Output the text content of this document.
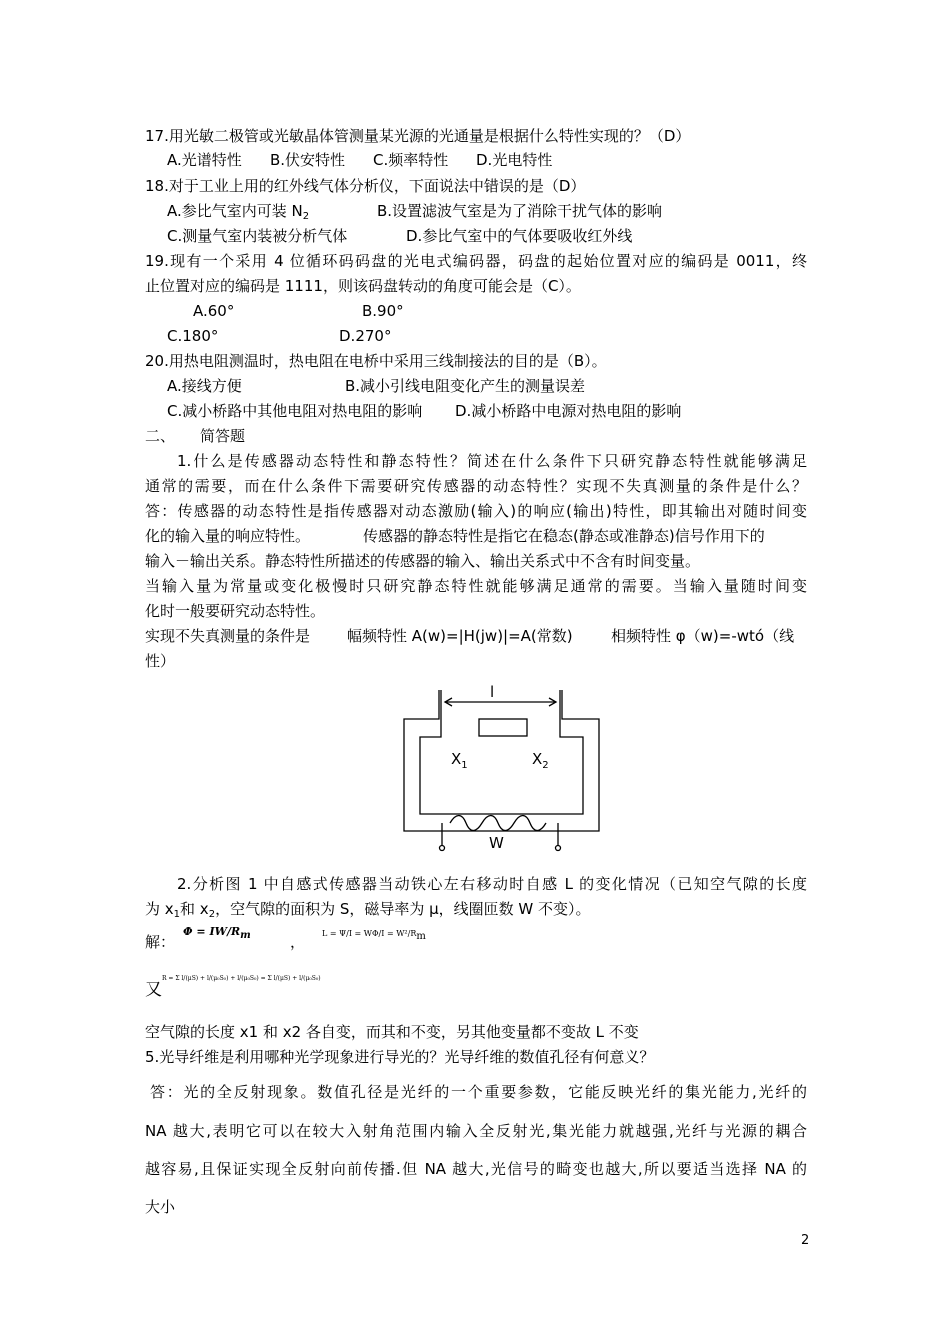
17.用光敏二极管或光敏晶体管测量某光源的光通量是根据什么特性实现的？（D）
A.光谱特性 B.伏安特性 C.频率特性 D.光电特性
18.对于工业上用的红外线气体分析仪，下面说法中错误的是（D）
A.参比气室内可装 $N_2$	B.设置滤波气室是为了消除干扰气体的影响
C.测量气室内装被分析气体	D.参比气室中的气体要吸收红外线
19.现有一个采用 4 位循环码码盘的光电式编码器，码盘的起始位置对应的编码是 0011，终
止位置对应的编码是 1111，则该码盘转动的角度可能会是（C）。
A.60°	B.90°
C.180°	D.270°
20.用热电阻测温时，热电阻在电桥中采用三线制接法的目的是（B）。
A.接线方便	B.减小引线电阻变化产生的测量误差
C.减小桥路中其他电阻对热电阻的影响 D.减小桥路中电源对热电阻的影响
二、 简答题
1.什么是传感器动态特性和静态特性？简述在什么条件下只研究静态特性就能够满足
通常的需要，而在什么条件下需要研究传感器的动态特性？实现不失真测量的条件是什么？
答：传感器的动态特性是指传感器对动态激励(输入)的响应(输出)特性，即其输出对随时间变
化的输入量的响应特性。	传感器的静态特性是指它在稳态(静态或准静态)信号作用下的
输入－输出关系。静态特性所描述的传感器的输入、输出关系式中不含有时间变量。
当输入量为常量或变化极慢时只研究静态特性就能够满足通常的需要。当输入量随时间变
化时一般要研究动态特性。
实现不失真测量的条件是 幅频特性 A(w)=|H(jw)|=A(常数)	相频特性 φ（w)=-wtó（线
性）
l
$X_1$	$X_2$
W
2.分析图 1 中自感式传感器当动铁心左右移动时自感 L 的变化情况（已知空气隙的长度
为 $x_1$和 $x_2$，空气隙的面积为 S，磁导率为 μ，线圈匝数 W 不变）。
解：
$\Phi = IW/R_m$	， $L = \Psi/I = W\Phi/I = W^2/R_m$
又
R = Σ l/(μS) + l/(μ₀S₀) + l/(μ₀S₀) = Σ l/(μS) + l/(μ₀S₀)
空气隙的长度 x1 和 x2 各自变，而其和不变，另其他变量都不变故 L 不变
5.光导纤维是利用哪种光学现象进行导光的？光导纤维的数值孔径有何意义？
答：光的全反射现象。数值孔径是光纤的一个重要参数，它能反映光纤的集光能力,光纤的
NA 越大,表明它可以在较大入射角范围内输入全反射光,集光能力就越强,光纤与光源的耦合
越容易,且保证实现全反射向前传播.但 NA 越大,光信号的畸变也越大,所以要适当选择 NA 的
大小
2
